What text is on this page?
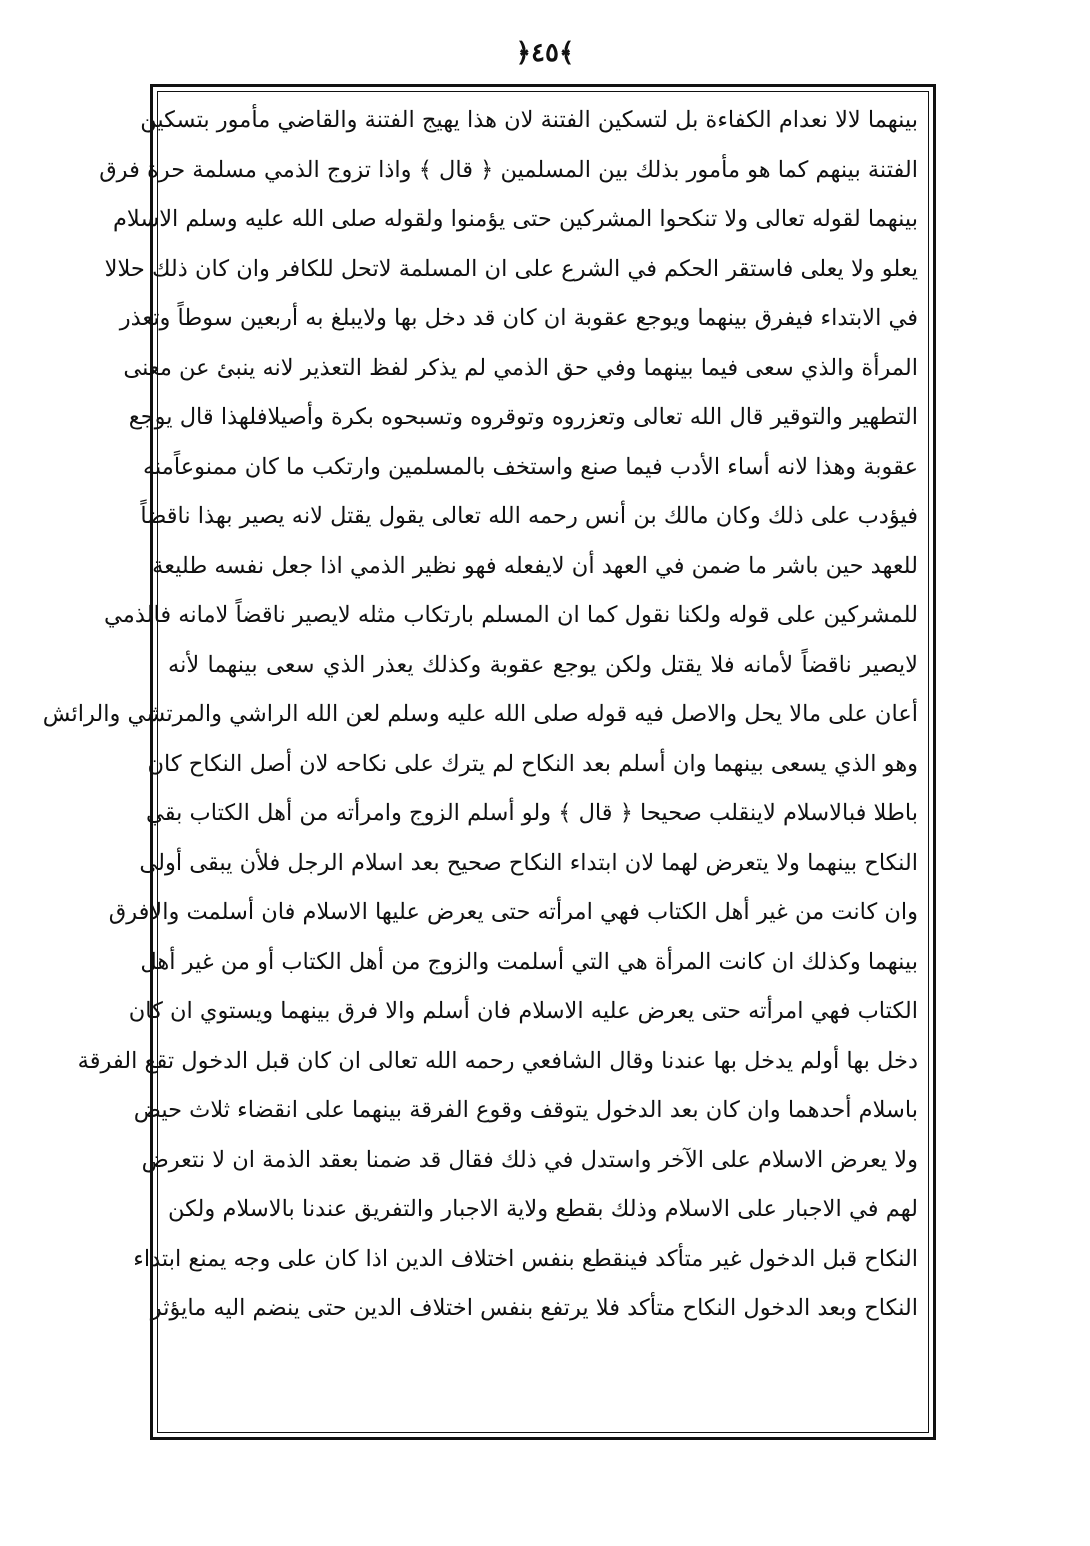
﴿٤٥﴾
بينهما لالا نعدام الكفاءة بل لتسكين الفتنة لان هذا يهيج الفتنة والقاضي مأمور بتسكين
الفتنة بينهم كما هو مأمور بذلك بين المسلمين ﴿ قال ﴾ واذا تزوج الذمي مسلمة حرة فرق
بينهما لقوله تعالى ولا تنكحوا المشركين حتى يؤمنوا ولقوله صلى الله عليه وسلم الاسلام
يعلو ولا يعلى فاستقر الحكم في الشرع على ان المسلمة لاتحل للكافر وان كان ذلك حلالا
في الابتداء فيفرق بينهما ويوجع عقوبة ان كان قد دخل بها ولايبلغ به أربعين سوطاً وتعذر
المرأة والذي سعى فيما بينهما وفي حق الذمي لم يذكر لفظ التعذير لانه ينبئ عن معنى
التطهير والتوقير قال الله تعالى وتعزروه وتوقروه وتسبحوه بكرة وأصيلافلهذا قال يوجع
عقوبة وهذا لانه أساء الأدب فيما صنع واستخف بالمسلمين وارتكب ما كان ممنوعاًمنه
فيؤدب على ذلك وكان مالك بن أنس رحمه الله تعالى يقول يقتل لانه يصير بهذا ناقضاً
للعهد حين باشر ما ضمن في العهد أن لايفعله فهو نظير الذمي اذا جعل نفسه طليعة
للمشركين على قوله ولكنا نقول كما ان المسلم بارتكاب مثله لايصير ناقضاً لامانه فالذمي
لايصير ناقضاً لأمانه فلا يقتل ولكن يوجع عقوبة وكذلك يعذر الذي سعى بينهما لأنه
أعان على مالا يحل والاصل فيه قوله صلى الله عليه وسلم لعن الله الراشي والمرتشي والرائش
وهو الذي يسعى بينهما وان أسلم بعد النكاح لم يترك على نكاحه لان أصل النكاح كان
باطلا فبالاسلام لاينقلب صحيحا ﴿ قال ﴾ ولو أسلم الزوج وامرأته من أهل الكتاب بقي
النكاح بينهما ولا يتعرض لهما لان ابتداء النكاح صحيح بعد اسلام الرجل فلأن يبقى أولى
وان كانت من غير أهل الكتاب فهي امرأته حتى يعرض عليها الاسلام فان أسلمت والافرق
بينهما وكذلك ان كانت المرأة هي التي أسلمت والزوج من أهل الكتاب أو من غير أهل
الكتاب فهي امرأته حتى يعرض عليه الاسلام فان أسلم والا فرق بينهما ويستوي ان كان
دخل بها أولم يدخل بها عندنا وقال الشافعي رحمه الله تعالى ان كان قبل الدخول تقع الفرقة
باسلام أحدهما وان كان بعد الدخول يتوقف وقوع الفرقة بينهما على انقضاء ثلاث حيض
ولا يعرض الاسلام على الآخر واستدل في ذلك فقال قد ضمنا بعقد الذمة ان لا نتعرض
لهم في الاجبار على الاسلام وذلك بقطع ولاية الاجبار والتفريق عندنا بالاسلام ولكن
النكاح قبل الدخول غير متأكد فينقطع بنفس اختلاف الدين اذا كان على وجه يمنع ابتداء
النكاح وبعد الدخول النكاح متأكد فلا يرتفع بنفس اختلاف الدين حتى ينضم اليه مايؤثر
